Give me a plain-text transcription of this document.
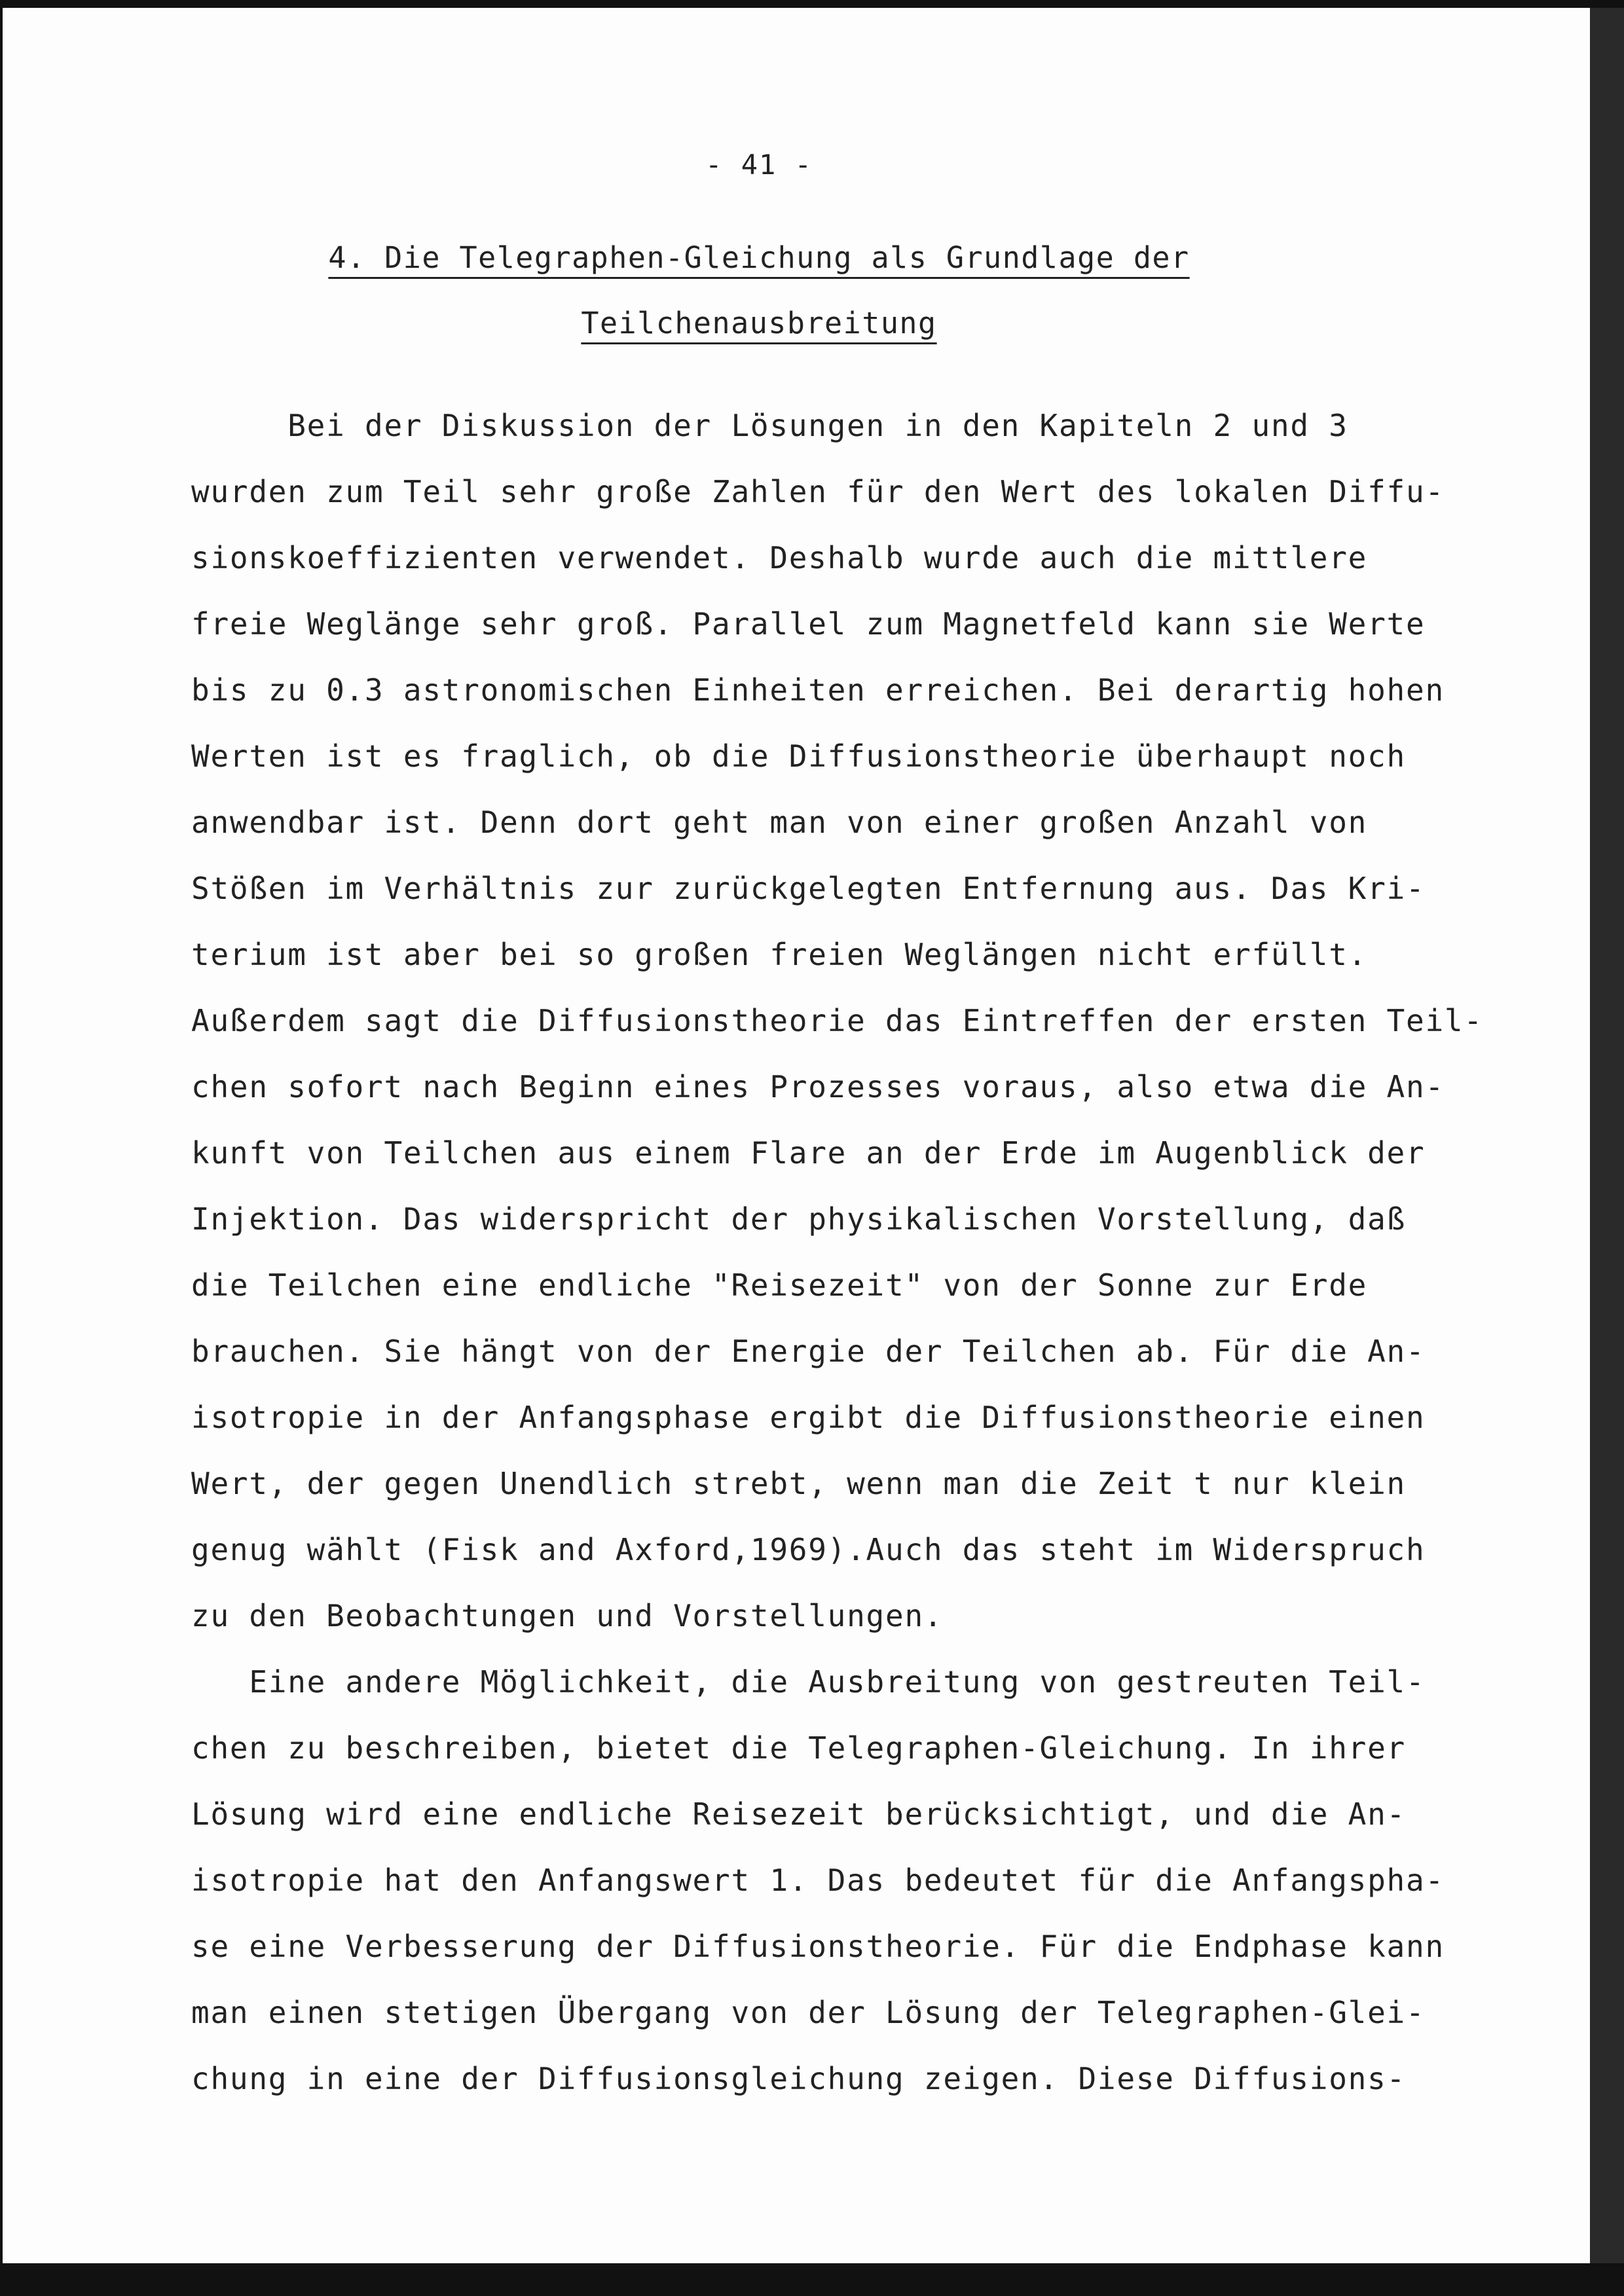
- 41 -
4. Die Telegraphen-Gleichung als Grundlage der
Teilchenausbreitung
Bei der Diskussion der Lösungen in den Kapiteln 2 und 3
wurden zum Teil sehr große Zahlen für den Wert des lokalen Diffu-
sionskoeffizienten verwendet. Deshalb wurde auch die mittlere
freie Weglänge sehr groß. Parallel zum Magnetfeld kann sie Werte
bis zu 0.3 astronomischen Einheiten erreichen. Bei derartig hohen
Werten ist es fraglich, ob die Diffusionstheorie überhaupt noch
anwendbar ist. Denn dort geht man von einer großen Anzahl von
Stößen im Verhältnis zur zurückgelegten Entfernung aus. Das Kri-
terium ist aber bei so großen freien Weglängen nicht erfüllt.
Außerdem sagt die Diffusionstheorie das Eintreffen der ersten Teil-
chen sofort nach Beginn eines Prozesses voraus, also etwa die An-
kunft von Teilchen aus einem Flare an der Erde im Augenblick der
Injektion. Das widerspricht der physikalischen Vorstellung, daß
die Teilchen eine endliche "Reisezeit" von der Sonne zur Erde
brauchen. Sie hängt von der Energie der Teilchen ab. Für die An-
isotropie in der Anfangsphase ergibt die Diffusionstheorie einen
Wert, der gegen Unendlich strebt, wenn man die Zeit t nur klein
genug wählt (Fisk and Axford,1969).Auch das steht im Widerspruch
zu den Beobachtungen und Vorstellungen.
Eine andere Möglichkeit, die Ausbreitung von gestreuten Teil-
chen zu beschreiben, bietet die Telegraphen-Gleichung. In ihrer
Lösung wird eine endliche Reisezeit berücksichtigt, und die An-
isotropie hat den Anfangswert 1. Das bedeutet für die Anfangspha-
se eine Verbesserung der Diffusionstheorie. Für die Endphase kann
man einen stetigen Übergang von der Lösung der Telegraphen-Glei-
chung in eine der Diffusionsgleichung zeigen. Diese Diffusions-
